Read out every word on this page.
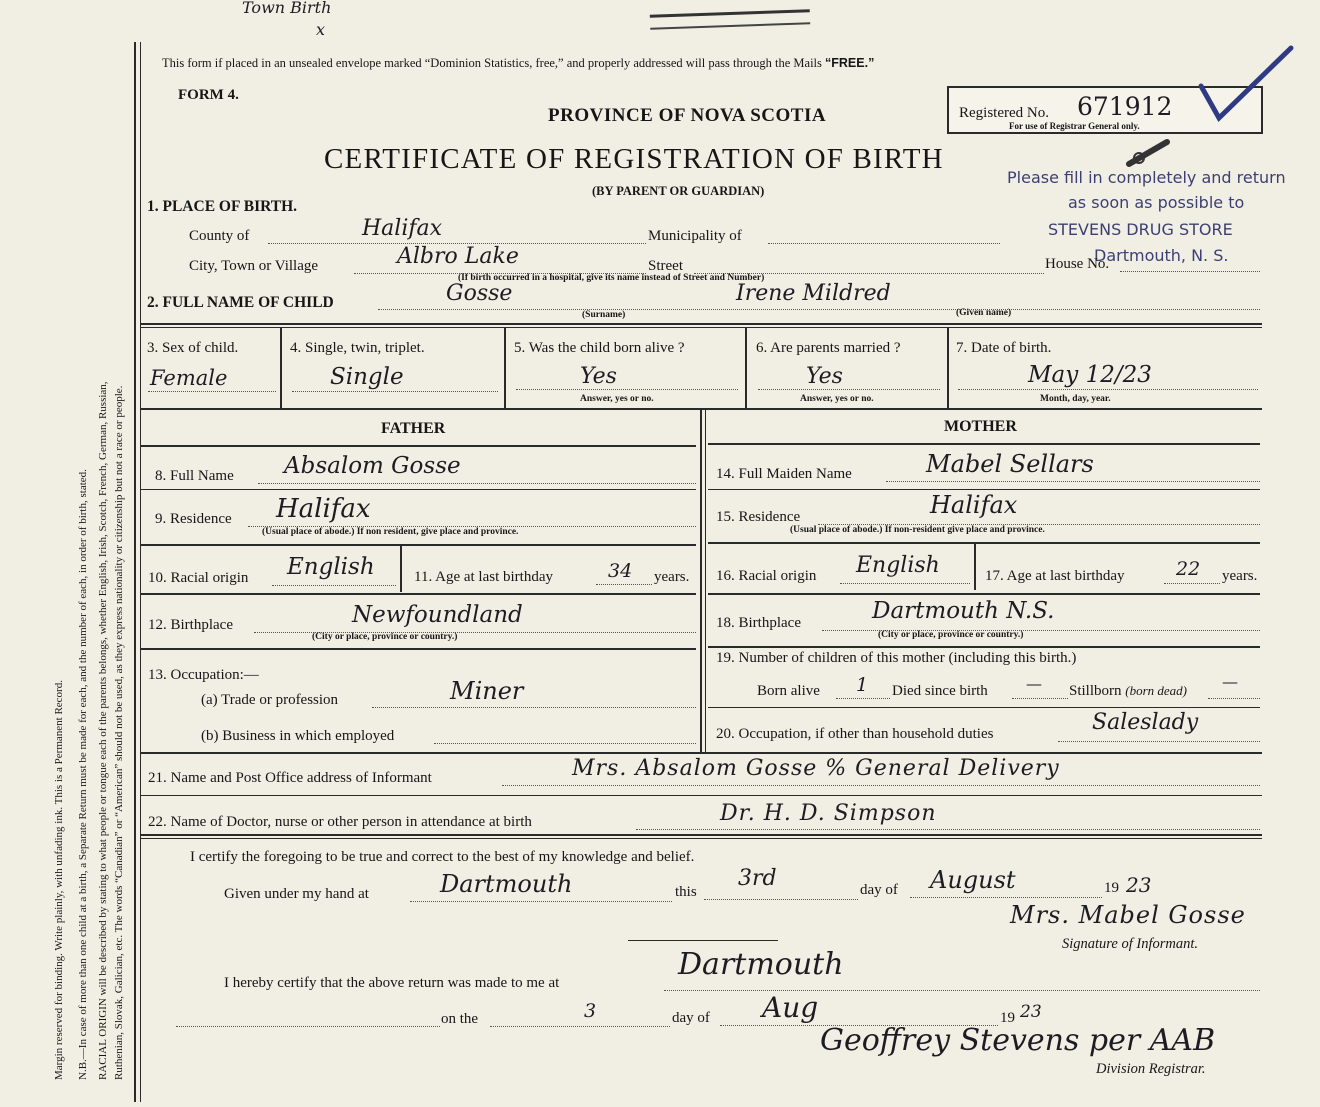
Town Birth
x
Margin reserved for binding. Write plainly, with unfading ink. This is a Permanent Record. N.B.—In case of more than one child at a birth, a Separate Return must be made for each, and the number of each, in order of birth, stated. RACIAL ORIGIN will be described by stating to what people or tongue each of the parents belongs, whether English, Irish, Scotch, French, German, Russian, Ruthenian, Slovak, Galician, etc. The words “Canadian” or “American” should not be used, as they express nationality or citizenship but not a race or people.
This form if placed in an unsealed envelope marked “Dominion Statistics, free,” and properly addressed will pass through the Mails “FREE.”
FORM 4.
PROVINCE OF NOVA SCOTIA
CERTIFICATE OF REGISTRATION OF BIRTH
(BY PARENT OR GUARDIAN)
Registered No. 671912
For use of Registrar General only.
Please fill in completely and return
as soon as possible to
STEVENS DRUG STORE
Dartmouth, N. S.
1. PLACE OF BIRTH.
County of	Halifax	Municipality of
City, Town or Village	Albro Lake	Street	House No.
(If birth occurred in a hospital, give its name instead of Street and Number)
2. FULL NAME OF CHILD	Gosse	Irene Mildred
(Surname)	(Given name)
3. Sex of child.
Female
4. Single, twin, triplet.
Single
5. Was the child born alive ?
Yes
Answer, yes or no.
6. Are parents married ?
Yes
Answer, yes or no.
7. Date of birth.
May 12/23
Month, day, year.
FATHER	MOTHER
8. Full Name Absalom Gosse
9. Residence Halifax
(Usual place of abode.) If non resident, give place and province.
10. Racial origin English	11. Age at last birthday	34 years.
12. Birthplace	Newfoundland
(City or place, province or country.)
13. Occupation:—
(a) Trade or profession	Miner
(b) Business in which employed
14. Full Maiden Name	Mabel Sellars
15. Residence	Halifax
(Usual place of abode.) If non-resident give place and province.
16. Racial origin English	17. Age at last birthday	22 years.
18. Birthplace	Dartmouth N.S.
(City or place, province or country.)
19. Number of children of this mother (including this birth.)
Born alive 1 Died since birth — Stillborn (born dead) —
20. Occupation, if other than household duties	Saleslady
21. Name and Post Office address of Informant	Mrs. Absalom Gosse % General Delivery
22. Name of Doctor, nurse or other person in attendance at birth	Dr. H. D. Simpson
I certify the foregoing to be true and correct to the best of my knowledge and belief.
Given under my hand at	Dartmouth	this
3rd	day of August	19 23
Mrs. Mabel Gosse
Signature of Informant.
I hereby certify that the above return was made to me at
Dartmouth
on the	3	day of Aug	19 23
Geoffrey Stevens per AAB
Division Registrar.
